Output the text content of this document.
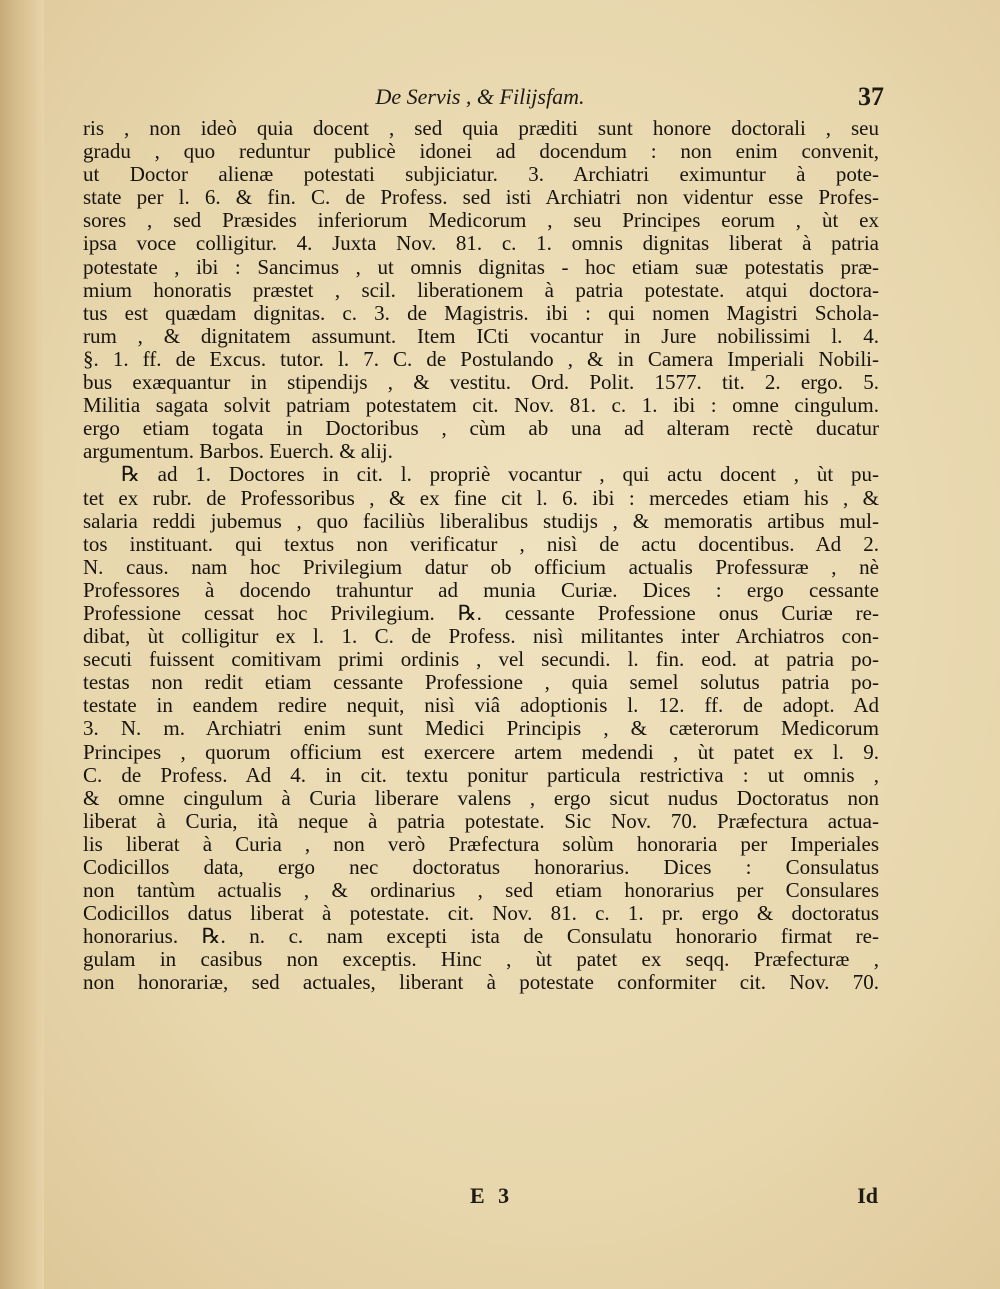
De Servis , & Filijsfam.	37
ris , non ideò quia docent , sed quia præditi sunt honore doctorali , seu
gradu , quo reduntur publicè idonei ad docendum : non enim convenit,
ut Doctor alienæ potestati subjiciatur. 3. Archiatri eximuntur à pote-
state per l. 6. & fin. C. de Profess. sed isti Archiatri non videntur esse Profes-
sores , sed Præsides inferiorum Medicorum , seu Principes eorum , ùt ex
ipsa voce colligitur. 4. Juxta Nov. 81. c. 1. omnis dignitas liberat à patria
potestate , ibi : Sancimus , ut omnis dignitas - hoc etiam suæ potestatis præ-
mium honoratis præstet , scil. liberationem à patria potestate. atqui doctora-
tus est quædam dignitas. c. 3. de Magistris. ibi : qui nomen Magistri Schola-
rum , & dignitatem assumunt. Item ICti vocantur in Jure nobilissimi l. 4.
§. 1. ff. de Excus. tutor. l. 7. C. de Postulando , & in Camera Imperiali Nobili-
bus exæquantur in stipendijs , & vestitu. Ord. Polit. 1577. tit. 2. ergo. 5.
Militia sagata solvit patriam potestatem cit. Nov. 81. c. 1. ibi : omne cingulum.
ergo etiam togata in Doctoribus , cùm ab una ad alteram rectè ducatur
argumentum. Barbos. Euerch. & alij.
℞ ad 1. Doctores in cit. l. propriè vocantur , qui actu docent , ùt pu-
tet ex rubr. de Professoribus , & ex fine cit l. 6. ibi : mercedes etiam his , &
salaria reddi jubemus , quo faciliùs liberalibus studijs , & memoratis artibus mul-
tos instituant. qui textus non verificatur , nisì de actu docentibus. Ad 2.
N. caus. nam hoc Privilegium datur ob officium actualis Professuræ , nè
Professores à docendo trahuntur ad munia Curiæ. Dices : ergo cessante
Professione cessat hoc Privilegium. ℞. cessante Professione onus Curiæ re-
dibat, ùt colligitur ex l. 1. C. de Profess. nisì militantes inter Archiatros con-
secuti fuissent comitivam primi ordinis , vel secundi. l. fin. eod. at patria po-
testas non redit etiam cessante Professione , quia semel solutus patria po-
testate in eandem redire nequit, nisì viâ adoptionis l. 12. ff. de adopt. Ad
3. N. m. Archiatri enim sunt Medici Principis , & cæterorum Medicorum
Principes , quorum officium est exercere artem medendi , ùt patet ex l. 9.
C. de Profess. Ad 4. in cit. textu ponitur particula restrictiva : ut omnis ,
& omne cingulum à Curia liberare valens , ergo sicut nudus Doctoratus non
liberat à Curia, ità neque à patria potestate. Sic Nov. 70. Præfectura actua-
lis liberat à Curia , non verò Præfectura solùm honoraria per Imperiales
Codicillos data, ergo nec doctoratus honorarius. Dices : Consulatus
non tantùm actualis , & ordinarius , sed etiam honorarius per Consulares
Codicillos datus liberat à potestate. cit. Nov. 81. c. 1. pr. ergo & doctoratus
honorarius. ℞. n. c. nam excepti ista de Consulatu honorario firmat re-
gulam in casibus non exceptis. Hinc , ùt patet ex seqq. Præfecturæ ,
non honorariæ, sed actuales, liberant à potestate conformiter cit. Nov. 70.
E 3	Id
